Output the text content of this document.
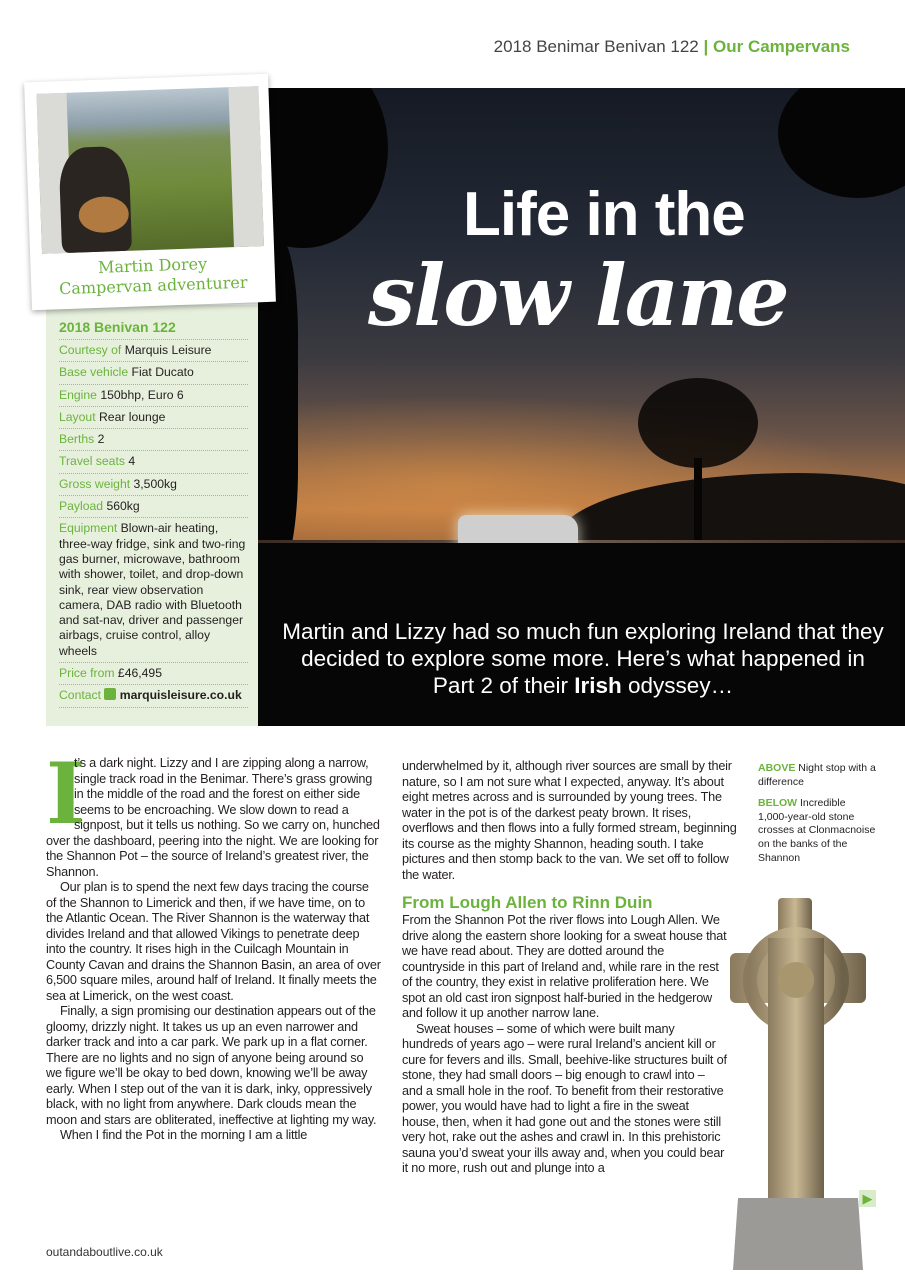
2018 Benimar Benivan 122 | Our Campervans
Life in the
slow lane
Martin and Lizzy had so much fun exploring Ireland that they decided to explore some more. Here’s what happened in Part 2 of their Irish odyssey…
Martin Dorey
Campervan adventurer
2018 Benivan 122
Courtesy of Marquis Leisure
Base vehicle Fiat Ducato
Engine 150bhp, Euro 6
Layout Rear lounge
Berths 2
Travel seats 4
Gross weight 3,500kg
Payload 560kg
Equipment Blown-air heating, three-way fridge, sink and two-ring gas burner, microwave, bathroom with shower, toilet, and drop-down sink, rear view observation camera, DAB radio with Bluetooth and sat-nav, driver and passenger airbags, cruise control, alloy wheels
Price from £46,495
Contact marquisleisure.co.uk

I
t’s a dark night. Lizzy and I are zipping along a narrow, single track road in the Benimar. There’s grass growing in the middle of the road and the forest on either side seems to be encroaching. We slow down to read a signpost, but it tells us nothing. So we carry on, hunched over the dashboard, peering into the night. We are looking for the Shannon Pot – the source of Ireland’s greatest river, the Shannon.

Our plan is to spend the next few days tracing the course of the Shannon to Limerick and then, if we have time, on to the Atlantic Ocean. The River Shannon is the waterway that divides Ireland and that allowed Vikings to penetrate deep into the country. It rises high in the Cuilcagh Mountain in County Cavan and drains the Shannon Basin, an area of over 6,500 square miles, around half of Ireland. It finally meets the sea at Limerick, on the west coast.

Finally, a sign promising our destination appears out of the gloomy, drizzly night. It takes us up an even narrower and darker track and into a car park. We park up in a flat corner. There are no lights and no sign of anyone being around so we figure we’ll be okay to bed down, knowing we’ll be away early. When I step out of the van it is dark, inky, oppressively black, with no light from anywhere. Dark clouds mean the moon and stars are obliterated, ineffective at lighting my way.

When I find the Pot in the morning I am a little

underwhelmed by it, although river sources are small by their nature, so I am not sure what I expected, anyway. It’s about eight metres across and is surrounded by young trees. The water in the pot is of the darkest peaty brown. It rises, overflows and then flows into a fully formed stream, beginning its course as the mighty Shannon, heading south. I take pictures and then stomp back to the van. We set off to follow the water.

From Lough Allen to Rinn Duin

From the Shannon Pot the river flows into Lough Allen. We drive along the eastern shore looking for a sweat house that we have read about. They are dotted around the countryside in this part of Ireland and, while rare in the rest of the country, they exist in relative proliferation here. We spot an old cast iron signpost half-buried in the hedgerow and follow it up another narrow lane.

Sweat houses – some of which were built many hundreds of years ago – were rural Ireland’s ancient kill or cure for fevers and ills. Small, beehive-like structures built of stone, they had small doors – big enough to crawl into – and a small hole in the roof. To benefit from their restorative power, you would have had to light a fire in the sweat house, then, when it had gone out and the stones were still very hot, rake out the ashes and crawl in. In this prehistoric sauna you’d sweat your ills away and, when you could bear it no more, rush out and plunge into a

ABOVE Night stop with a difference

BELOW Incredible 1,000-year-old stone crosses at Clonmacnoise on the banks of the Shannon

▶
outandaboutlive.co.uk
